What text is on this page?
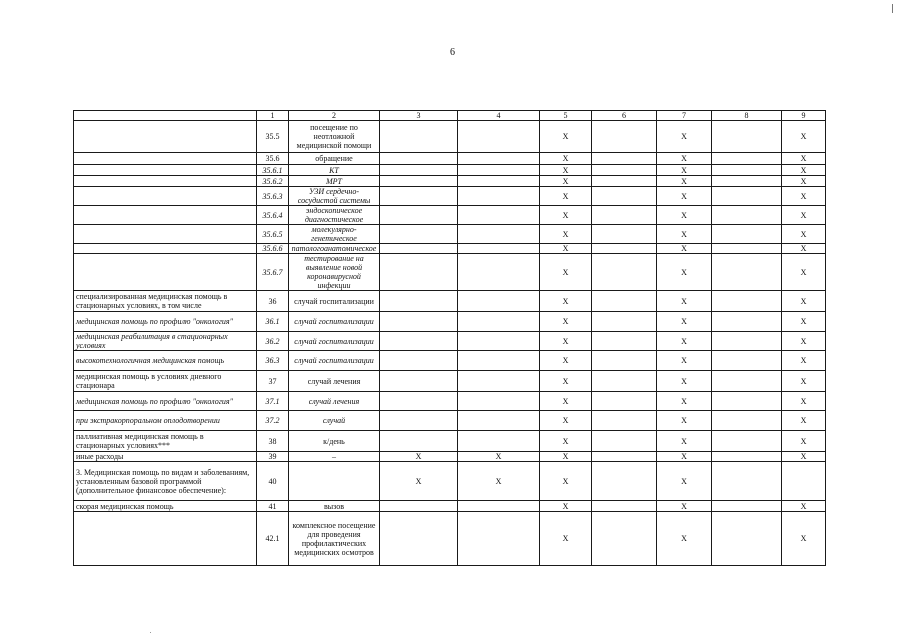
6
	1	2	3	4	5	6	7	8	9
	35.5	посещение по неотложной медицинской помощи			X		X		X
	35.6	обращение			X		X		X
	35.6.1	КТ			X		X		X
	35.6.2	МРТ			X		X		X
	35.6.3	УЗИ сердечно-сосудистой системы			X		X		X
	35.6.4	эндоскопическое диагностическое			X		X		X
	35.6.5	молекулярно-генетическое			X		X		X
	35.6.6	патологоанатомическое			X		X		X
	35.6.7	тестирование на выявление новой коронавирусной инфекции			X		X		X
специализированная медицинская помощь в стационарных условиях, в том числе	36	случай госпитализации			X		X		X
медицинская помощь по профилю "онкология"	36.1	случай госпитализации			X		X		X
медицинская реабилитация в стационарных условиях	36.2	случай госпитализации			X		X		X
высокотехнологичная медицинская помощь	36.3	случай госпитализации			X		X		X
медицинская помощь в условиях дневного стационара	37	случай лечения			X		X		X
медицинская помощь по профилю "онкология"	37.1	случай лечения			X		X		X
при экстракорпоральном оплодотворении	37.2	случай			X		X		X
паллиативная медицинская помощь в стационарных условиях***	38	к/день			X		X		X
иные расходы	39	–	X	X	X		X		X
3. Медицинская помощь по видам и заболеваниям, установленным базовой программой (дополнительное финансовое обеспечение):	40		X	X	X		X		
скорая медицинская помощь	41	вызов			X		X		X
	42.1	комплексное посещение для проведения профилактических медицинских осмотров			X		X		X
